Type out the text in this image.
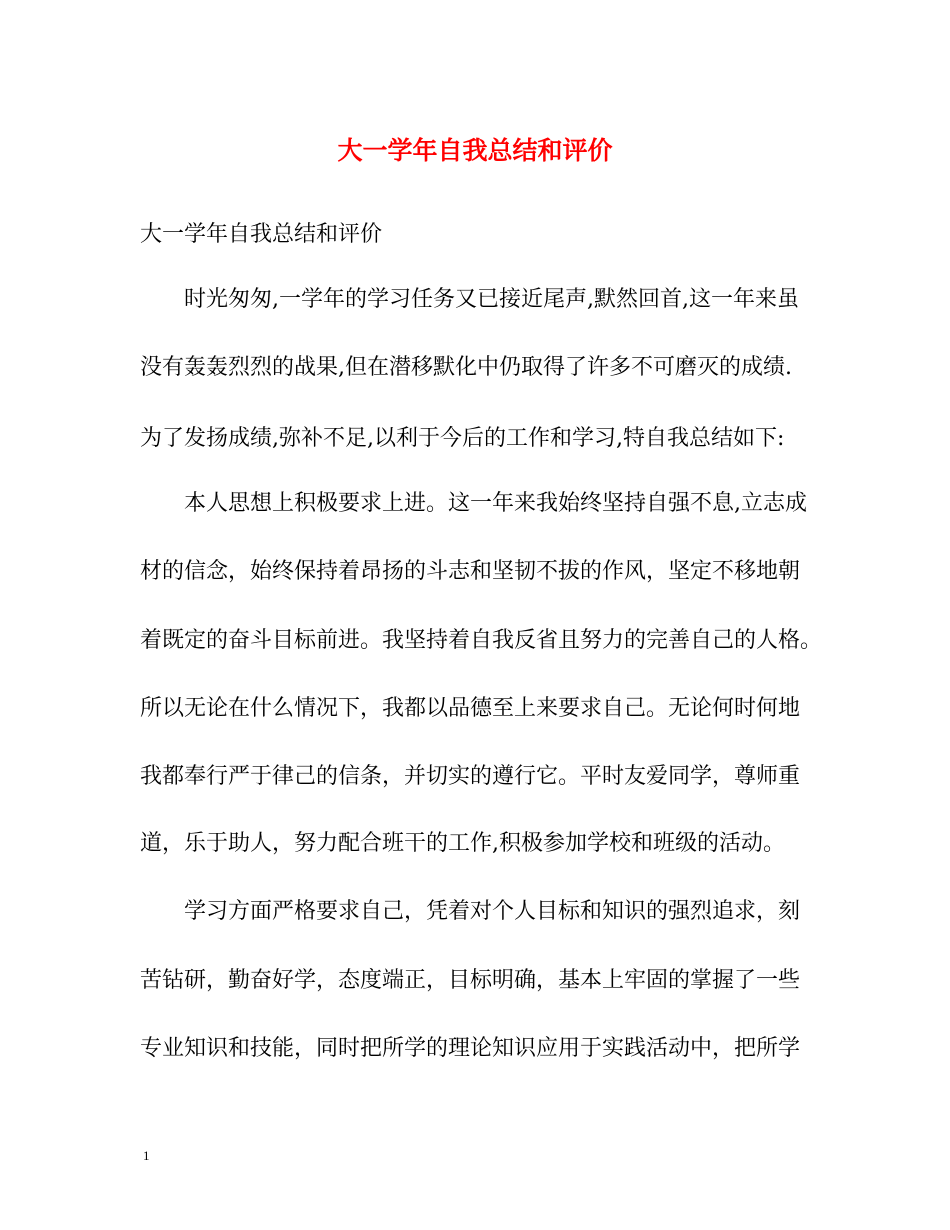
大一学年自我总结和评价
大一学年自我总结和评价
时光匆匆,一学年的学习任务又已接近尾声,默然回首,这一年来虽
没有轰轰烈烈的战果,但在潜移默化中仍取得了许多不可磨灭的成绩.
为了发扬成绩,弥补不足,以利于今后的工作和学习,特自我总结如下:
本人思想上积极要求上进。这一年来我始终坚持自强不息,立志成
材的信念，始终保持着昂扬的斗志和坚韧不拔的作风，坚定不移地朝
着既定的奋斗目标前进。我坚持着自我反省且努力的完善自己的人格。
所以无论在什么情况下，我都以品德至上来要求自己。无论何时何地
我都奉行严于律己的信条，并切实的遵行它。平时友爱同学，尊师重
道，乐于助人，努力配合班干的工作,积极参加学校和班级的活动。
学习方面严格要求自己，凭着对个人目标和知识的强烈追求，刻
苦钻研，勤奋好学，态度端正，目标明确，基本上牢固的掌握了一些
专业知识和技能，同时把所学的理论知识应用于实践活动中，把所学
1
